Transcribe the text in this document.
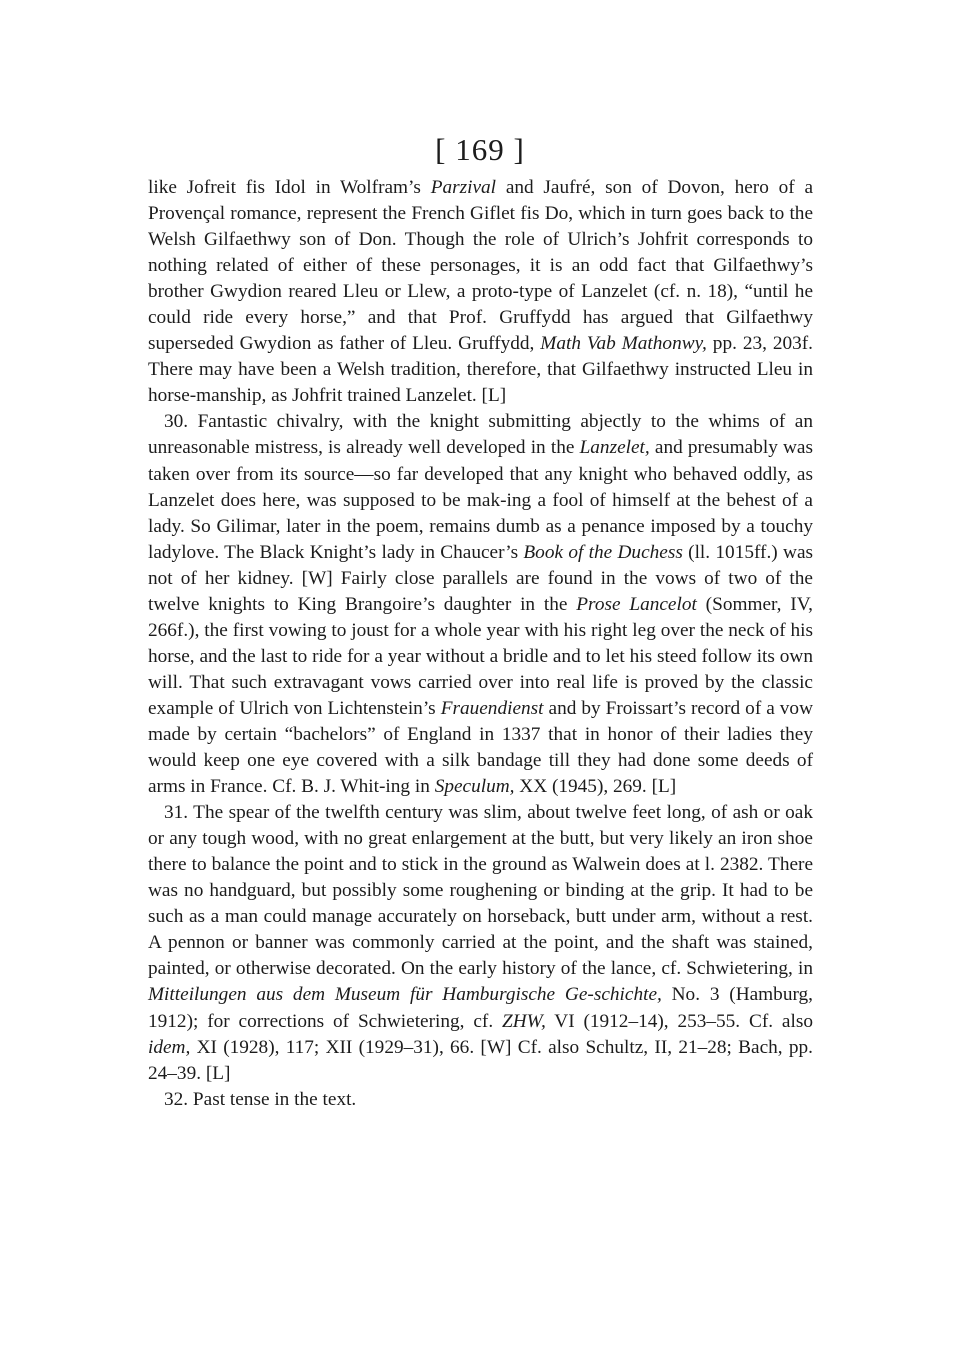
[ 169 ]

like Jofreit fis Idol in Wolfram’s Parzival and Jaufré, son of Dovon, hero of a Provençal romance, represent the French Giflet fis Do, which in turn goes back to the Welsh Gilfaethwy son of Don. Though the role of Ulrich’s Johfrit corresponds to nothing related of either of these personages, it is an odd fact that Gilfaethwy’s brother Gwydion reared Lleu or Llew, a proto-type of Lanzelet (cf. n. 18), “until he could ride every horse,” and that Prof. Gruffydd has argued that Gilfaethwy superseded Gwydion as father of Lleu. Gruffydd, Math Vab Mathonwy, pp. 23, 203f. There may have been a Welsh tradition, therefore, that Gilfaethwy instructed Lleu in horse-manship, as Johfrit trained Lanzelet. [L]

30. Fantastic chivalry, with the knight submitting abjectly to the whims of an unreasonable mistress, is already well developed in the Lanzelet, and presumably was taken over from its source—so far developed that any knight who behaved oddly, as Lanzelet does here, was supposed to be mak-ing a fool of himself at the behest of a lady. So Gilimar, later in the poem, remains dumb as a penance imposed by a touchy ladylove. The Black Knight’s lady in Chaucer’s Book of the Duchess (ll. 1015ff.) was not of her kidney. [W] Fairly close parallels are found in the vows of two of the twelve knights to King Brangoire’s daughter in the Prose Lancelot (Sommer, IV, 266f.), the first vowing to joust for a whole year with his right leg over the neck of his horse, and the last to ride for a year without a bridle and to let his steed follow its own will. That such extravagant vows carried over into real life is proved by the classic example of Ulrich von Lichtenstein’s Frauendienst and by Froissart’s record of a vow made by certain “bachelors” of England in 1337 that in honor of their ladies they would keep one eye covered with a silk bandage till they had done some deeds of arms in France. Cf. B. J. Whit-ing in Speculum, XX (1945), 269. [L]

31. The spear of the twelfth century was slim, about twelve feet long, of ash or oak or any tough wood, with no great enlargement at the butt, but very likely an iron shoe there to balance the point and to stick in the ground as Walwein does at l. 2382. There was no handguard, but possibly some roughening or binding at the grip. It had to be such as a man could manage accurately on horseback, butt under arm, without a rest. A pennon or banner was commonly carried at the point, and the shaft was stained, painted, or otherwise decorated. On the early history of the lance, cf. Schwietering, in Mitteilungen aus dem Museum für Hamburgische Ge-schichte, No. 3 (Hamburg, 1912); for corrections of Schwietering, cf. ZHW, VI (1912–14), 253–55. Cf. also idem, XI (1928), 117; XII (1929–31), 66. [W] Cf. also Schultz, II, 21–28; Bach, pp. 24–39. [L]

32. Past tense in the text.
